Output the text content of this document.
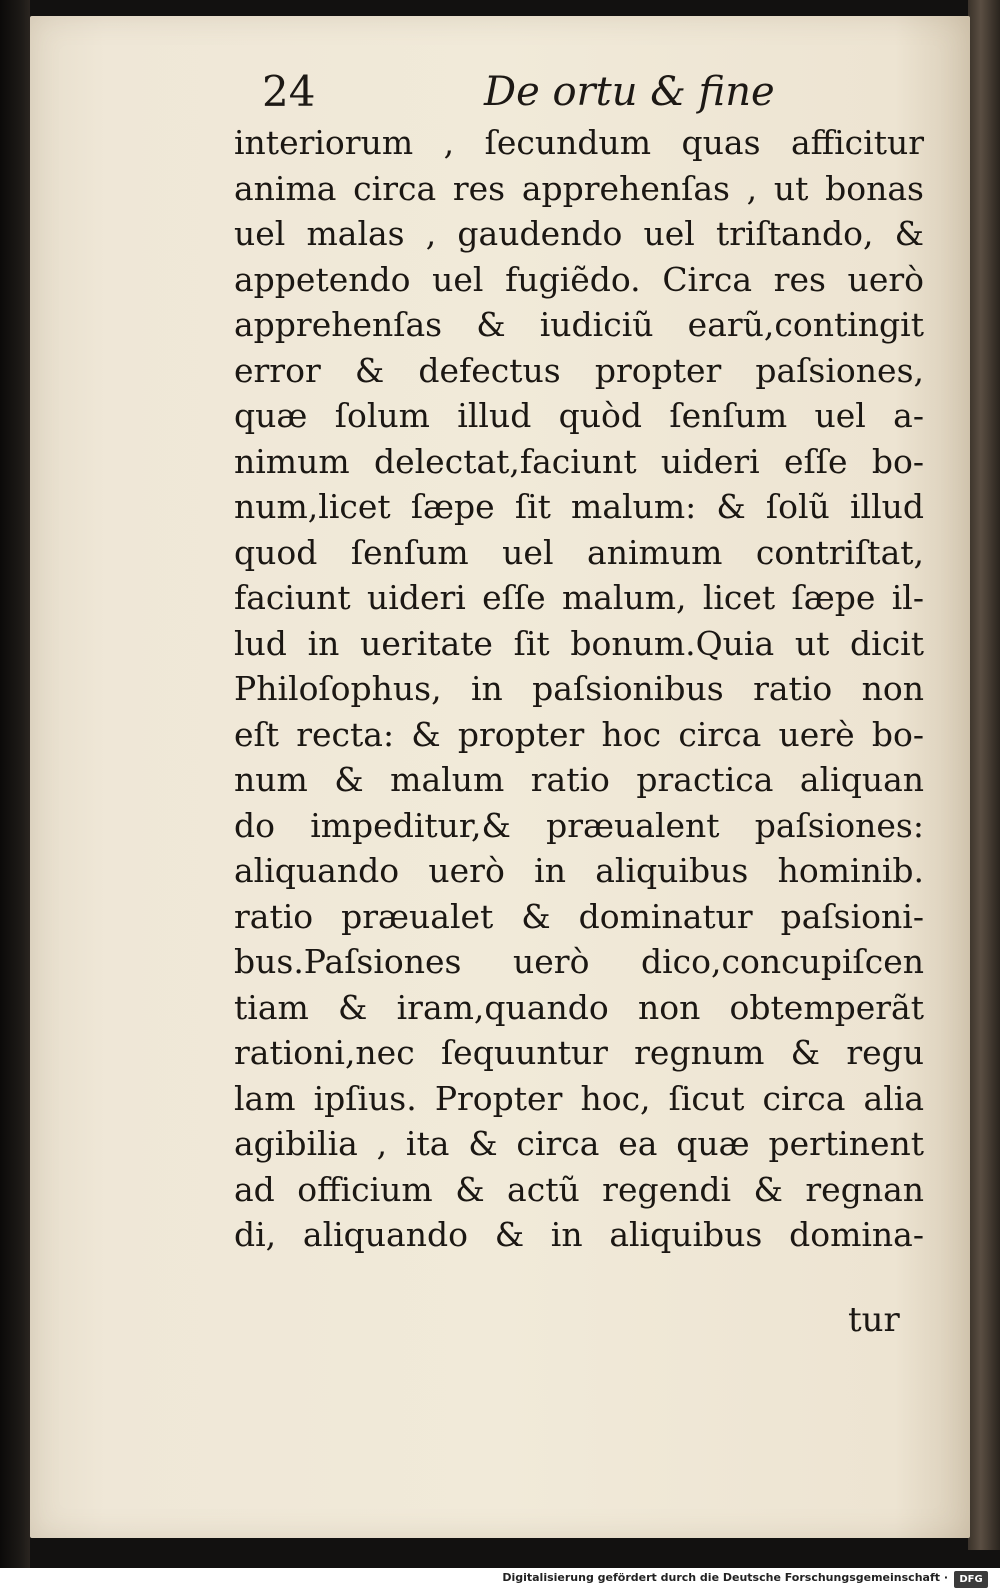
24	De ortu & fine
interiorum , ſecundum quas afficitur
anima circa res apprehenſas , ut bonas
uel malas , gaudendo uel triſtando, &
appetendo uel fugiẽdo. Circa res uerò
apprehenſas & iudiciũ earũ,contingit
error & defectus propter paſsiones,
quæ ſolum illud quòd ſenſum uel a-
nimum delectat,faciunt uideri eſſe bo-
num,licet ſæpe ſit malum: & ſolũ illud
quod ſenſum uel animum contriſtat,
faciunt uideri eſſe malum, licet ſæpe il-
lud in ueritate ſit bonum.Quia ut dicit
Philoſophus, in paſsionibus ratio non
eſt recta: & propter hoc circa uerè bo-
num & malum ratio practica aliquan
do impeditur,& præualent paſsiones:
aliquando uerò in aliquibus hominib.
ratio præualet & dominatur paſsioni-
bus.Paſsiones uerò dico,concupiſcen
tiam & iram,quando non obtemperãt
rationi,nec ſequuntur regnum & regu
lam ipſius. Propter hoc, ſicut circa alia
agibilia , ita & circa ea quæ pertinent
ad officium & actũ regendi & regnan
di, aliquando & in aliquibus domina-
tur
Digitalisierung gefördert durch die Deutsche Forschungsgemeinschaft ·	DFG
